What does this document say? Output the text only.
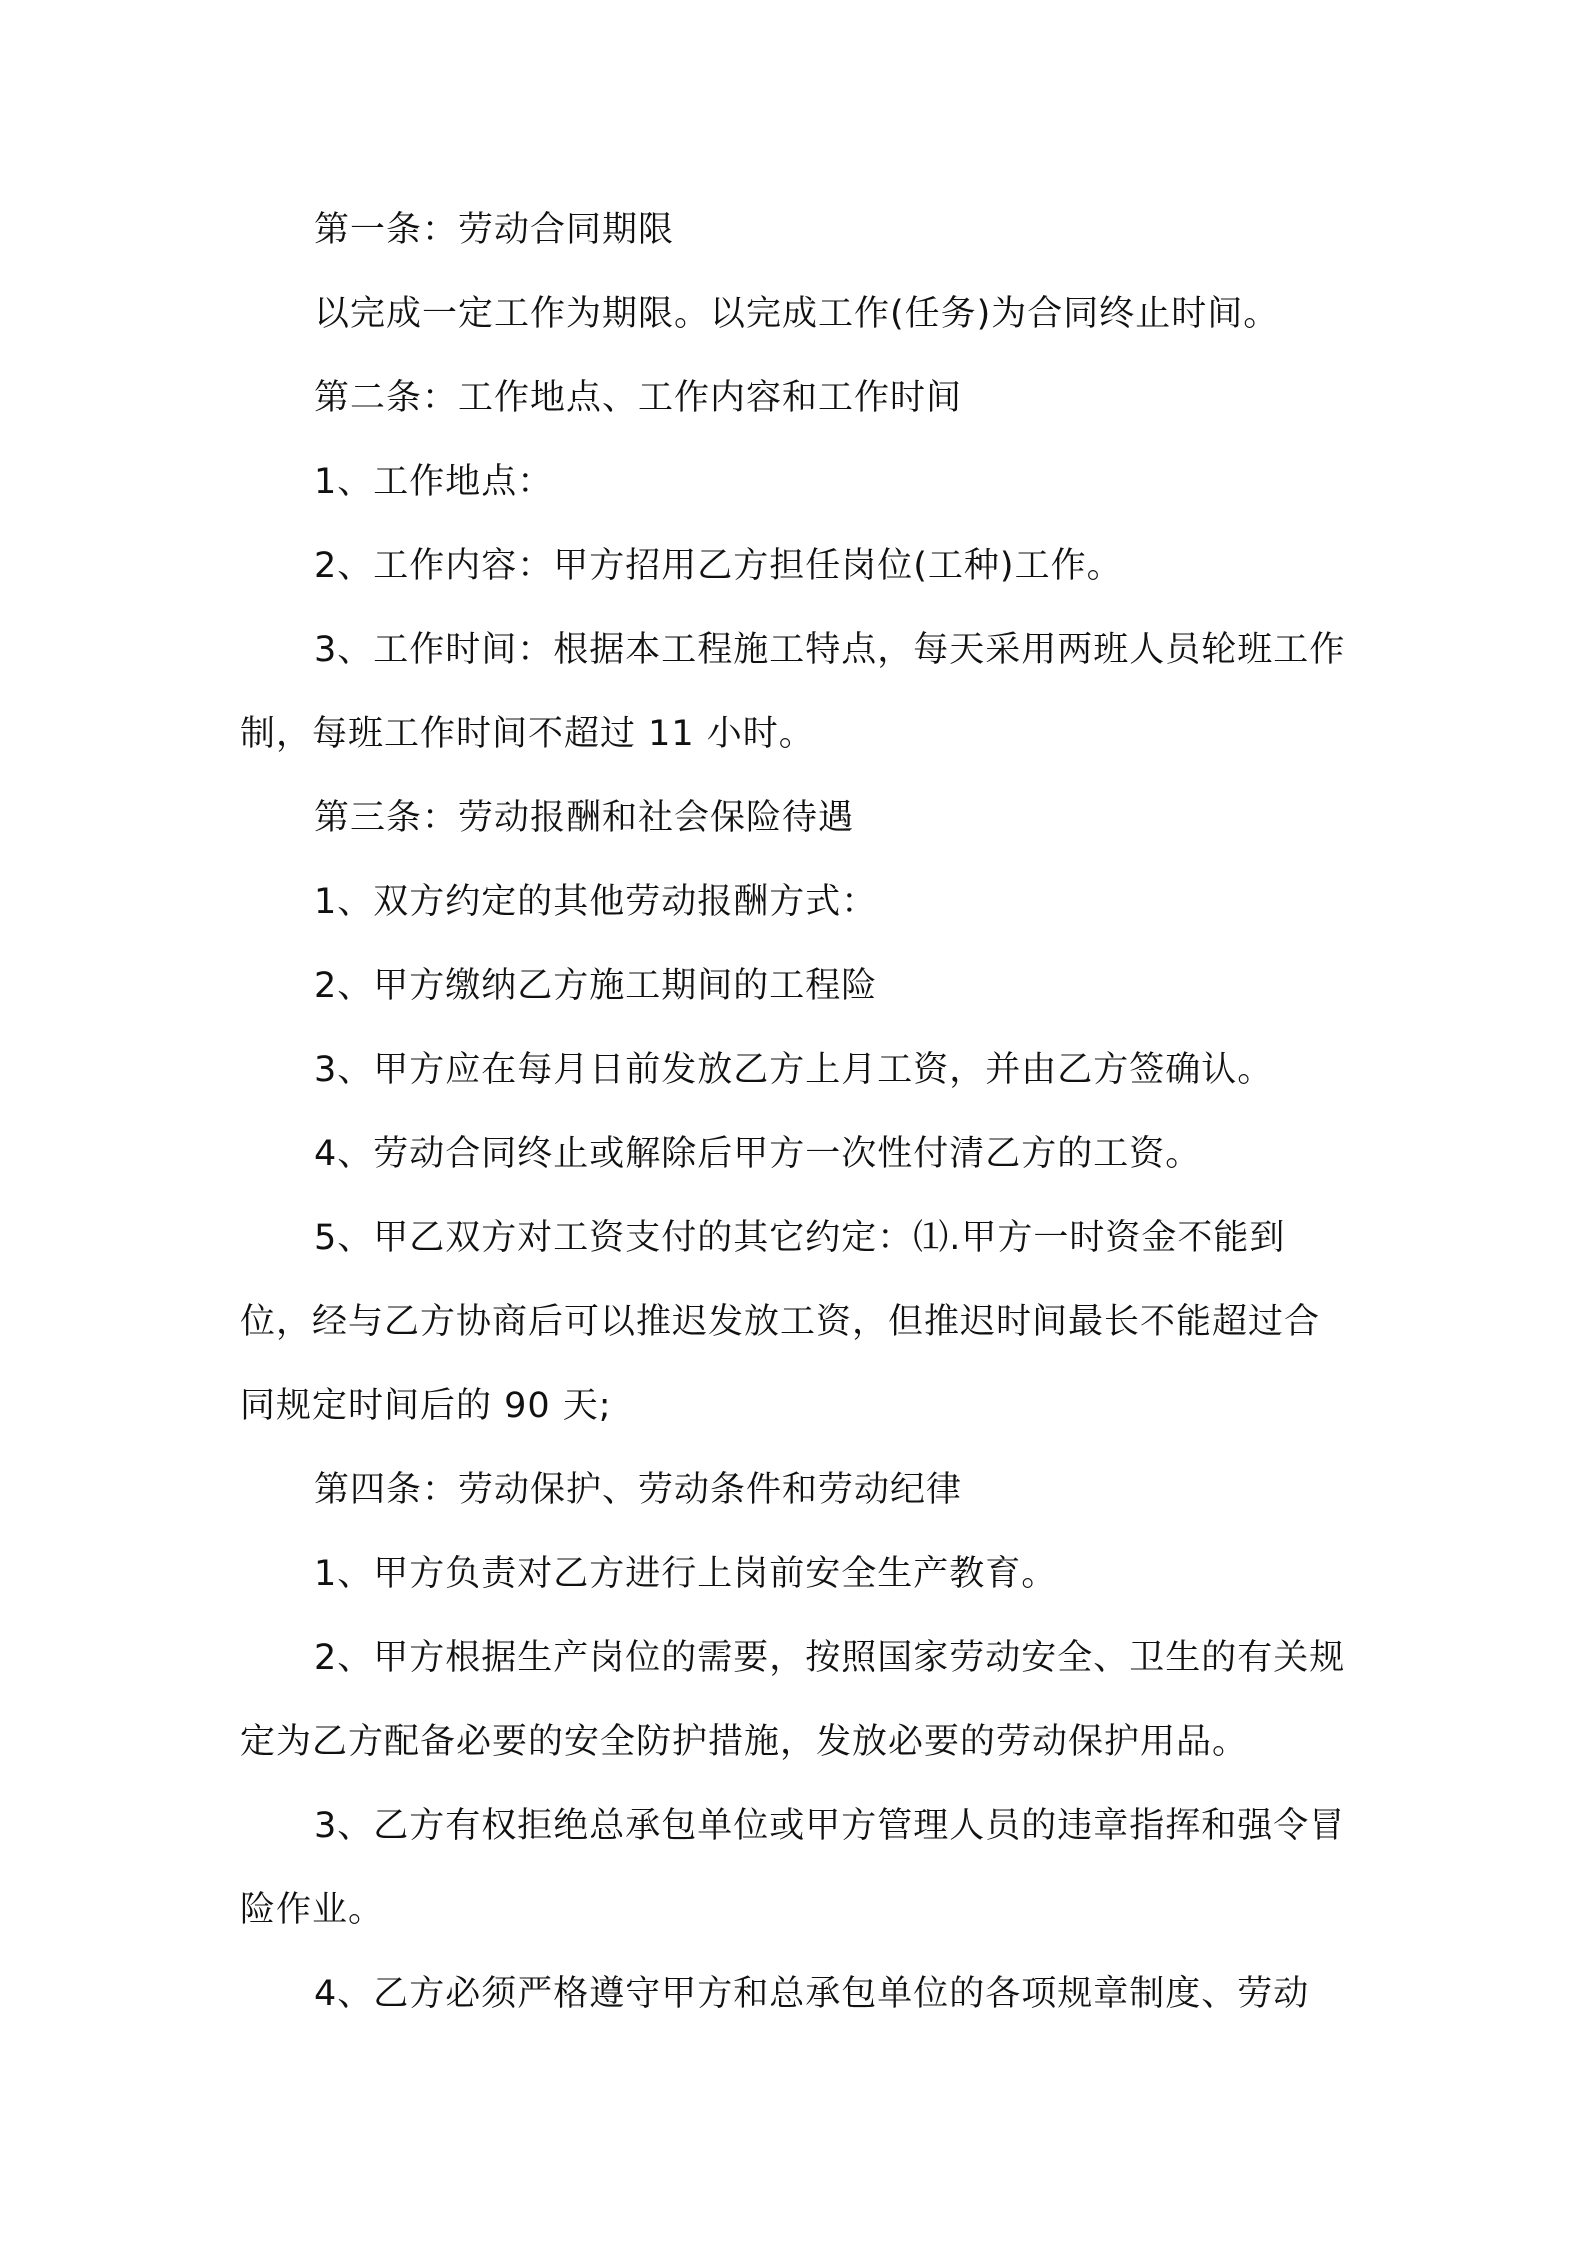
第一条：劳动合同期限

以完成一定工作为期限。以完成工作(任务)为合同终止时间。

第二条：工作地点、工作内容和工作时间

1、工作地点：

2、工作内容：甲方招用乙方担任岗位(工种)工作。

3、工作时间：根据本工程施工特点，每天采用两班人员轮班工作制，每班工作时间不超过 11 小时。

第三条：劳动报酬和社会保险待遇

1、双方约定的其他劳动报酬方式：

2、甲方缴纳乙方施工期间的工程险

3、甲方应在每月日前发放乙方上月工资，并由乙方签确认。

4、劳动合同终止或解除后甲方一次性付清乙方的工资。

5、甲乙双方对工资支付的其它约定：⑴.甲方一时资金不能到位，经与乙方协商后可以推迟发放工资，但推迟时间最长不能超过合同规定时间后的 90 天;

第四条：劳动保护、劳动条件和劳动纪律

1、甲方负责对乙方进行上岗前安全生产教育。

2、甲方根据生产岗位的需要，按照国家劳动安全、卫生的有关规定为乙方配备必要的安全防护措施，发放必要的劳动保护用品。

3、乙方有权拒绝总承包单位或甲方管理人员的违章指挥和强令冒险作业。

4、乙方必须严格遵守甲方和总承包单位的各项规章制度、劳动
